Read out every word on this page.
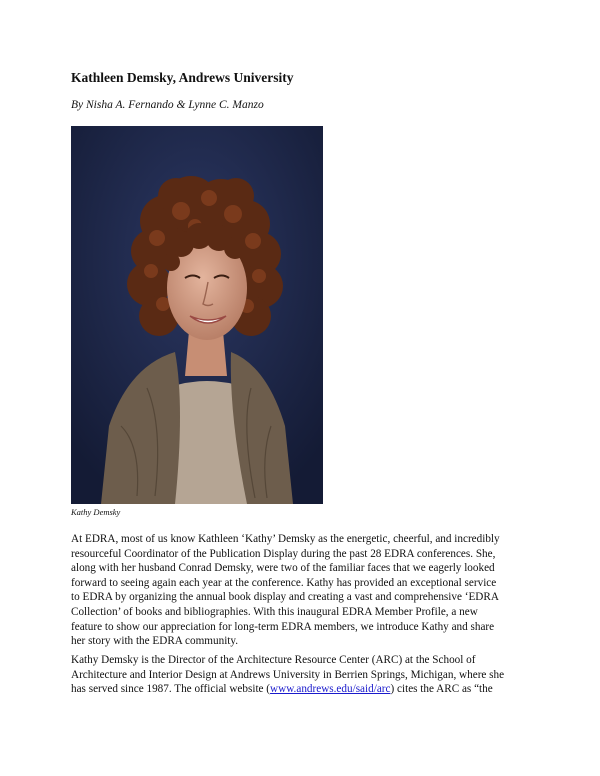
Kathleen Demsky, Andrews University

By Nisha A. Fernando & Lynne C. Manzo

Kathy Demsky

At EDRA, most of us know Kathleen ‘Kathy’ Demsky as the energetic, cheerful, and incredibly
resourceful Coordinator of the Publication Display during the past 28 EDRA conferences. She,
along with her husband Conrad Demsky, were two of the familiar faces that we eagerly looked
forward to seeing again each year at the conference. Kathy has provided an exceptional service
to EDRA by organizing the annual book display and creating a vast and comprehensive ‘EDRA
Collection’ of books and bibliographies. With this inaugural EDRA Member Profile, a new
feature to show our appreciation for long-term EDRA members, we introduce Kathy and share
her story with the EDRA community.
Kathy Demsky is the Director of the Architecture Resource Center (ARC) at the School of
Architecture and Interior Design at Andrews University in Berrien Springs, Michigan, where she
has served since 1987. The official website (www.andrews.edu/said/arc) cites the ARC as “the
